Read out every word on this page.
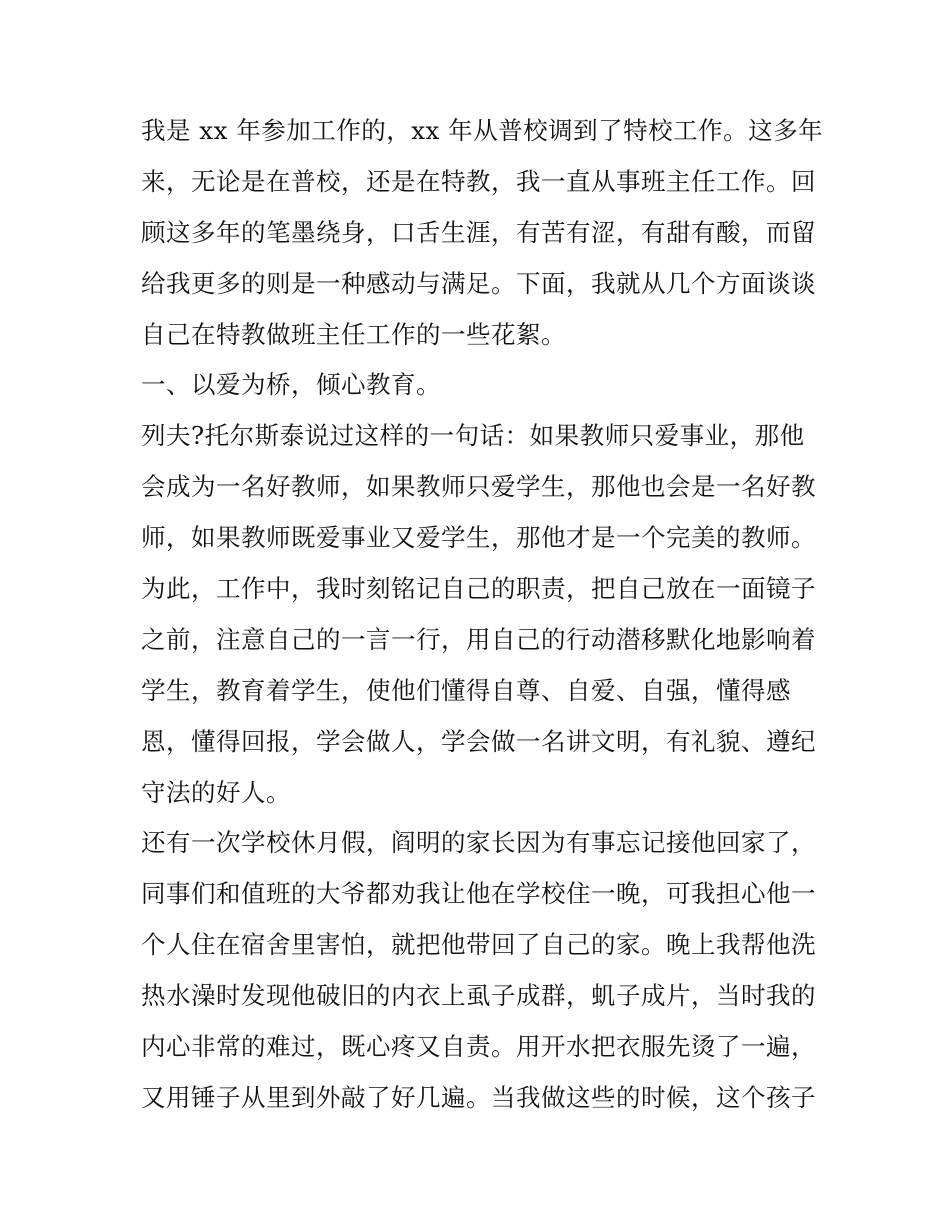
我是 xx 年参加工作的，xx 年从普校调到了特校工作。这多年
来，无论是在普校，还是在特教，我一直从事班主任工作。回
顾这多年的笔墨绕身，口舌生涯，有苦有涩，有甜有酸，而留
给我更多的则是一种感动与满足。下面，我就从几个方面谈谈
自己在特教做班主任工作的一些花絮。
一、以爱为桥，倾心教育。
列夫?托尔斯泰说过这样的一句话：如果教师只爱事业，那他
会成为一名好教师，如果教师只爱学生，那他也会是一名好教
师，如果教师既爱事业又爱学生，那他才是一个完美的教师。
为此，工作中，我时刻铭记自己的职责，把自己放在一面镜子
之前，注意自己的一言一行，用自己的行动潜移默化地影响着
学生，教育着学生，使他们懂得自尊、自爱、自强，懂得感
恩，懂得回报，学会做人，学会做一名讲文明，有礼貌、遵纪
守法的好人。
还有一次学校休月假，阎明的家长因为有事忘记接他回家了，
同事们和值班的大爷都劝我让他在学校住一晚，可我担心他一
个人住在宿舍里害怕，就把他带回了自己的家。晚上我帮他洗
热水澡时发现他破旧的内衣上虱子成群，虮子成片，当时我的
内心非常的难过，既心疼又自责。用开水把衣服先烫了一遍，
又用锤子从里到外敲了好几遍。当我做这些的时候，这个孩子
